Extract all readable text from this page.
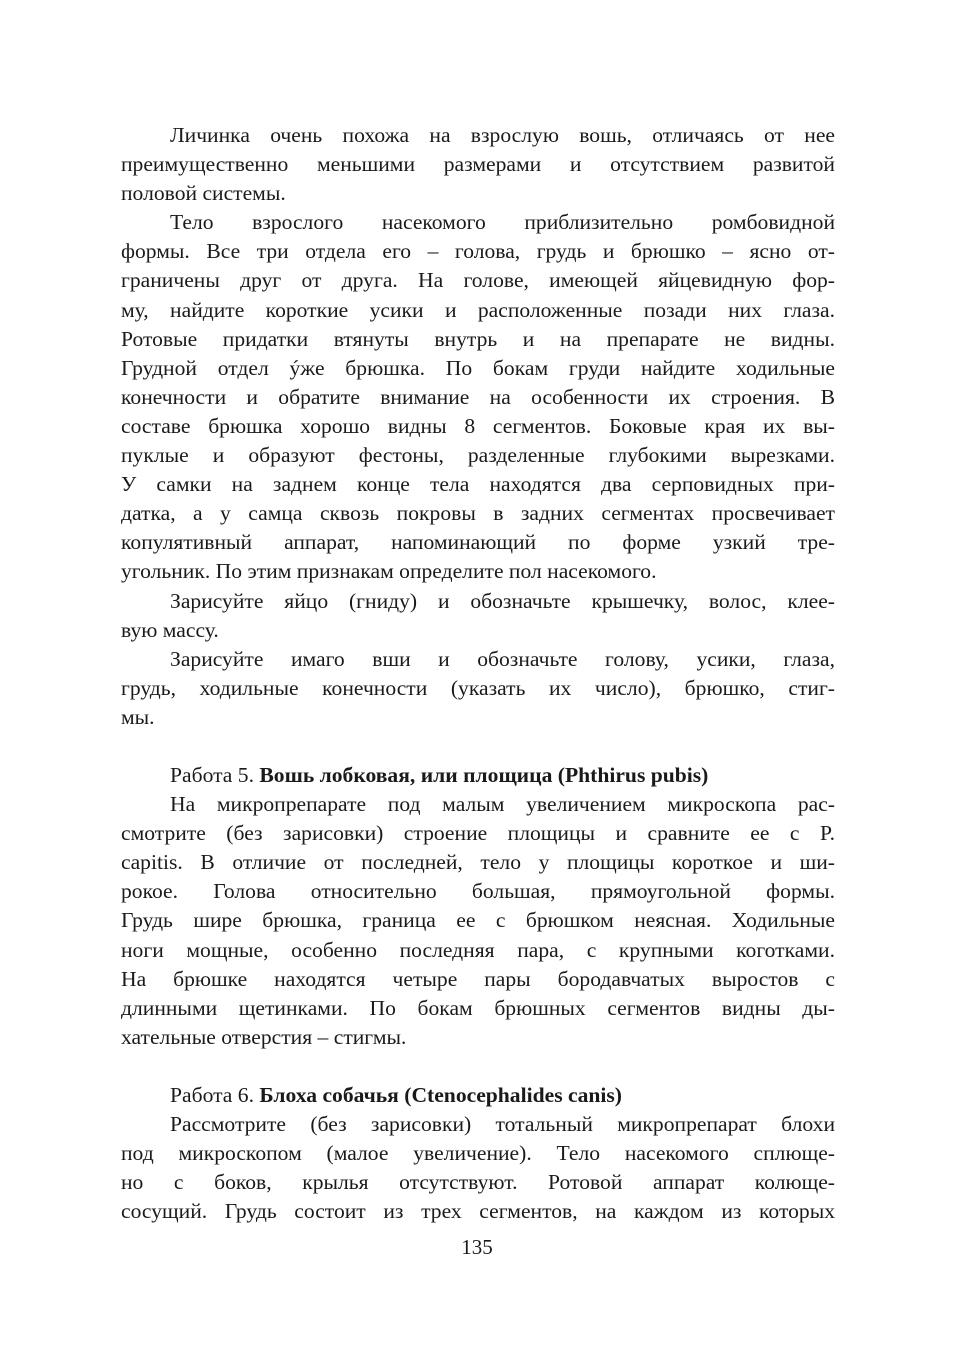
Личинка очень похожа на взрослую вошь, отличаясь от нее
преимущественно меньшими размерами и отсутствием развитой
половой системы.
Тело взрослого насекомого приблизительно ромбовидной
формы. Все три отдела его – голова, грудь и брюшко – ясно от-
граничены друг от друга. На голове, имеющей яйцевидную фор-
му, найдите короткие усики и расположенные позади них глаза.
Ротовые придатки втянуты внутрь и на препарате не видны.
Грудной отдел ýже брюшка. По бокам груди найдите ходильные
конечности и обратите внимание на особенности их строения. В
составе брюшка хорошо видны 8 сегментов. Боковые края их вы-
пуклые и образуют фестоны, разделенные глубокими вырезками.
У самки на заднем конце тела находятся два серповидных при-
датка, а у самца сквозь покровы в задних сегментах просвечивает
копулятивный аппарат, напоминающий по форме узкий тре-
угольник. По этим признакам определите пол насекомого.
Зарисуйте яйцо (гниду) и обозначьте крышечку, волос, клее-
вую массу.
Зарисуйте имаго вши и обозначьте голову, усики, глаза,
грудь, ходильные конечности (указать их число), брюшко, стиг-
мы.
Работа 5. Вошь лобковая, или площица (Phthirus pubis)
На микропрепарате под малым увеличением микроскопа рас-
смотрите (без зарисовки) строение площицы и сравните ее с P.
capitis. В отличие от последней, тело у площицы короткое и ши-
рокое. Голова относительно большая, прямоугольной формы.
Грудь шире брюшка, граница ее с брюшком неясная. Ходильные
ноги мощные, особенно последняя пара, с крупными коготками.
На брюшке находятся четыре пары бородавчатых выростов с
длинными щетинками. По бокам брюшных сегментов видны ды-
хательные отверстия – стигмы.
Работа 6. Блоха собачья (Ctenocephalides canis)
Рассмотрите (без зарисовки) тотальный микропрепарат блохи
под микроскопом (малое увеличение). Тело насекомого сплюще-
но с боков, крылья отсутствуют. Ротовой аппарат колюще-
сосущий. Грудь состоит из трех сегментов, на каждом из которых
135
